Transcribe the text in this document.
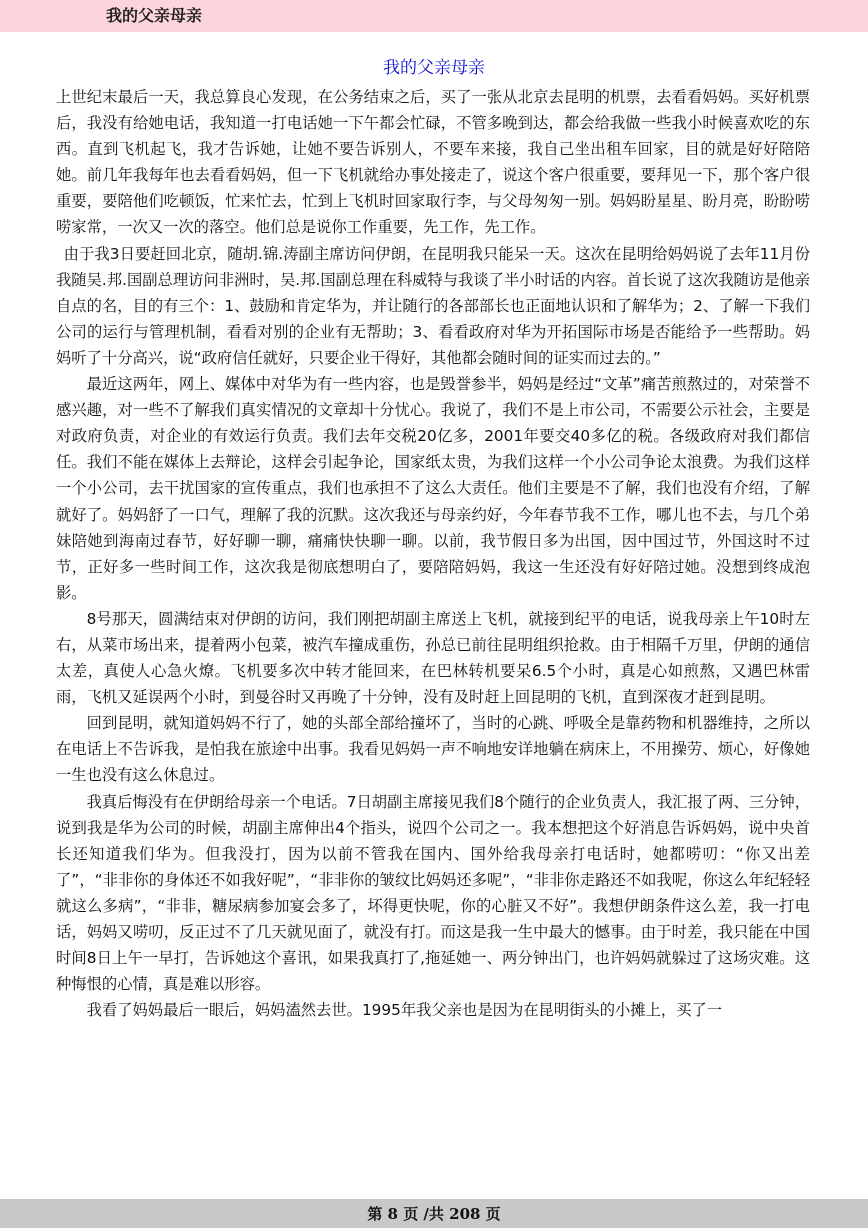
我的父亲母亲
我的父亲母亲

上世纪末最后一天，我总算良心发现，在公务结束之后，买了一张从北京去昆明的机票，去看看妈妈。买好机票后，我没有给她电话，我知道一打电话她一下午都会忙碌，不管多晚到达，都会给我做一些我小时候喜欢吃的东西。直到飞机起飞，我才告诉她，让她不要告诉别人，不要车来接，我自己坐出租车回家，目的就是好好陪陪她。前几年我每年也去看看妈妈，但一下飞机就给办事处接走了，说这个客户很重要，要拜见一下，那个客户很重要，要陪他们吃顿饭，忙来忙去，忙到上飞机时回家取行李，与父母匆匆一别。妈妈盼星星、盼月亮，盼盼唠唠家常，一次又一次的落空。他们总是说你工作重要，先工作，先工作。

由于我3日要赶回北京，随胡.锦.涛副主席访问伊朗，在昆明我只能呆一天。这次在昆明给妈妈说了去年11月份我随吴.邦.国副总理访问非洲时，吴.邦.国副总理在科威特与我谈了半小时话的内容。首长说了这次我随访是他亲自点的名，目的有三个：1、鼓励和肯定华为，并让随行的各部部长也正面地认识和了解华为；2、了解一下我们公司的运行与管理机制，看看对别的企业有无帮助；3、看看政府对华为开拓国际市场是否能给予一些帮助。妈妈听了十分高兴，说“政府信任就好，只要企业干得好，其他都会随时间的证实而过去的。”

最近这两年，网上、媒体中对华为有一些内容，也是毁誉参半，妈妈是经过“文革”痛苦煎熬过的，对荣誉不感兴趣，对一些不了解我们真实情况的文章却十分忧心。我说了，我们不是上市公司，不需要公示社会，主要是对政府负责，对企业的有效运行负责。我们去年交税20亿多，2001年要交40多亿的税。各级政府对我们都信任。我们不能在媒体上去辩论，这样会引起争论，国家纸太贵，为我们这样一个小公司争论太浪费。为我们这样一个小公司，去干扰国家的宣传重点，我们也承担不了这么大责任。他们主要是不了解，我们也没有介绍，了解就好了。妈妈舒了一口气，理解了我的沉默。这次我还与母亲约好，今年春节我不工作，哪儿也不去，与几个弟妹陪她到海南过春节，好好聊一聊，痛痛快快聊一聊。以前，我节假日多为出国，因中国过节，外国这时不过节，正好多一些时间工作，这次我是彻底想明白了，要陪陪妈妈，我这一生还没有好好陪过她。没想到终成泡影。

8号那天，圆满结束对伊朗的访问，我们刚把胡副主席送上飞机，就接到纪平的电话，说我母亲上午10时左右，从菜市场出来，提着两小包菜，被汽车撞成重伤，孙总已前往昆明组织抢救。由于相隔千万里，伊朗的通信太差，真使人心急火燎。飞机要多次中转才能回来，在巴林转机要呆6.5个小时，真是心如煎熬，又遇巴林雷雨，飞机又延误两个小时，到曼谷时又再晚了十分钟，没有及时赶上回昆明的飞机，直到深夜才赶到昆明。

回到昆明，就知道妈妈不行了，她的头部全部给撞坏了，当时的心跳、呼吸全是靠药物和机器维持，之所以在电话上不告诉我，是怕我在旅途中出事。我看见妈妈一声不响地安详地躺在病床上，不用操劳、烦心，好像她一生也没有这么休息过。

我真后悔没有在伊朗给母亲一个电话。7日胡副主席接见我们8个随行的企业负责人，我汇报了两、三分钟，说到我是华为公司的时候，胡副主席伸出4个指头，说四个公司之一。我本想把这个好消息告诉妈妈，说中央首长还知道我们华为。但我没打，因为以前不管我在国内、国外给我母亲打电话时，她都唠叨：“你又出差了”，“非非你的身体还不如我好呢”，“非非你的皱纹比妈妈还多呢”，“非非你走路还不如我呢，你这么年纪轻轻就这么多病”，“非非，糖尿病参加宴会多了，坏得更快呢，你的心脏又不好”。我想伊朗条件这么差，我一打电话，妈妈又唠叨，反正过不了几天就见面了，就没有打。而这是我一生中最大的憾事。由于时差，我只能在中国时间8日上午一早打，告诉她这个喜讯，如果我真打了,拖延她一、两分钟出门，也许妈妈就躲过了这场灾难。这种悔恨的心情，真是难以形容。

我看了妈妈最后一眼后，妈妈溘然去世。1995年我父亲也是因为在昆明街头的小摊上，买了一

第 8 页 /共 208 页
